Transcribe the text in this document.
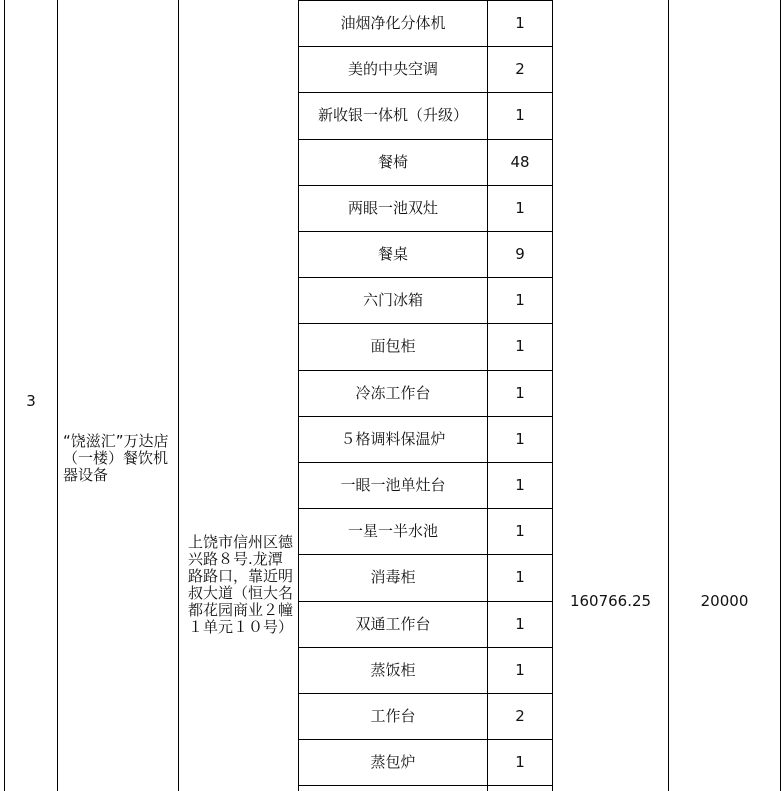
3
“饶滋汇”万达店（一楼）餐饮机器设备
上饶市信州区德兴路８号.龙潭路路口，靠近明叔大道（恒大名都花园商业２幢１单元１０号）
160766.25	20000
油烟净化分体机	1
美的中央空调	2
新收银一体机（升级）	1
餐椅	48
两眼一池双灶	1
餐桌	9
六门冰箱	1
面包柜	1
冷冻工作台	1
５格调料保温炉	1
一眼一池单灶台	1
一星一半水池	1
消毒柜	1
双通工作台	1
蒸饭柜	1
工作台	2
蒸包炉	1
